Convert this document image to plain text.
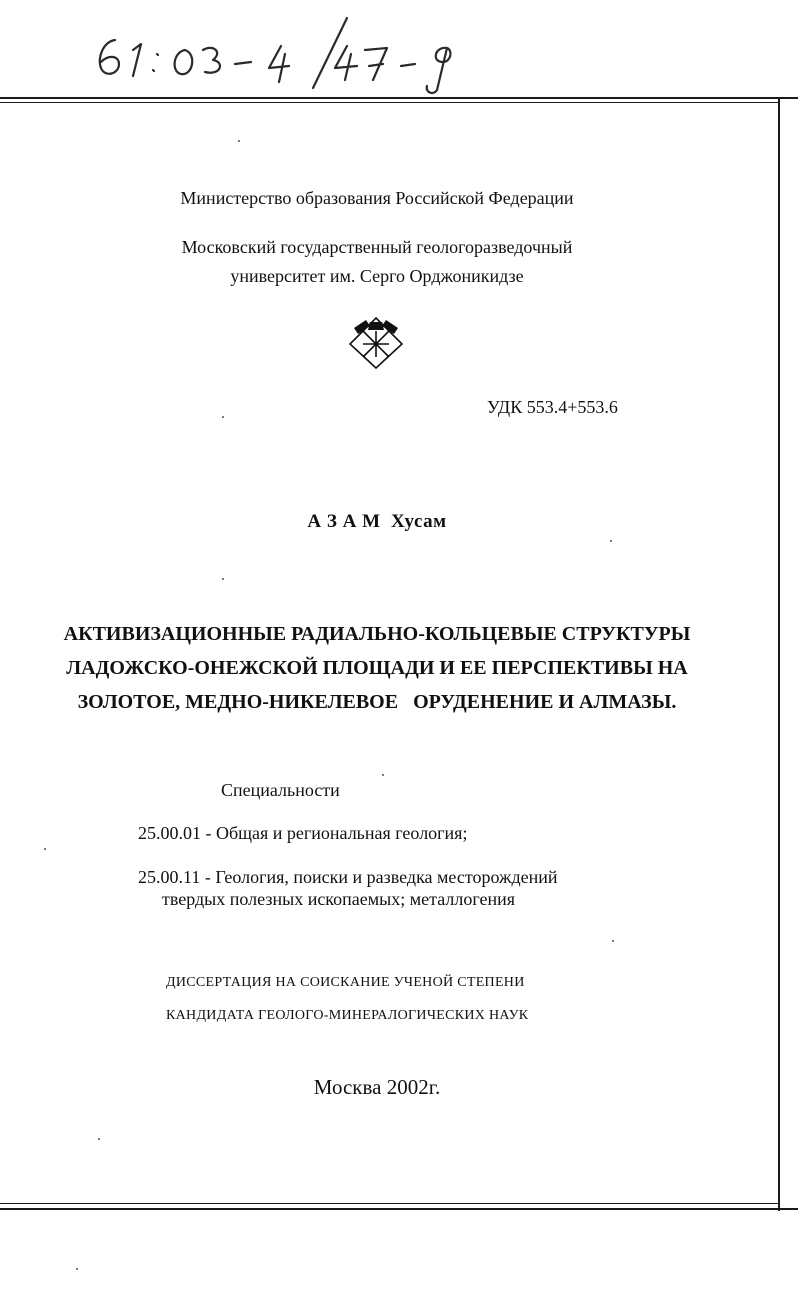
Министерство образования Российской Федерации
Московский государственный геологоразведочный
университет им. Серго Орджоникидзе
УДК 553.4+553.6
А З А М  Хусам
АКТИВИЗАЦИОННЫЕ РАДИАЛЬНО-КОЛЬЦЕВЫЕ СТРУКТУРЫ
ЛАДОЖСКО-ОНЕЖСКОЙ ПЛОЩАДИ И ЕЕ ПЕРСПЕКТИВЫ НА
ЗОЛОТОЕ, МЕДНО-НИКЕЛЕВОЕ   ОРУДЕНЕНИЕ И АЛМАЗЫ.
Специальности
25.00.01 - Общая и региональная геология;
25.00.11 - Геология, поиски и разведка месторождений
твердых полезных ископаемых; металлогения
ДИССЕРТАЦИЯ НА СОИСКАНИЕ УЧЕНОЙ СТЕПЕНИ
КАНДИДАТА ГЕОЛОГО-МИНЕРАЛОГИЧЕСКИХ НАУК
Москва 2002г.
